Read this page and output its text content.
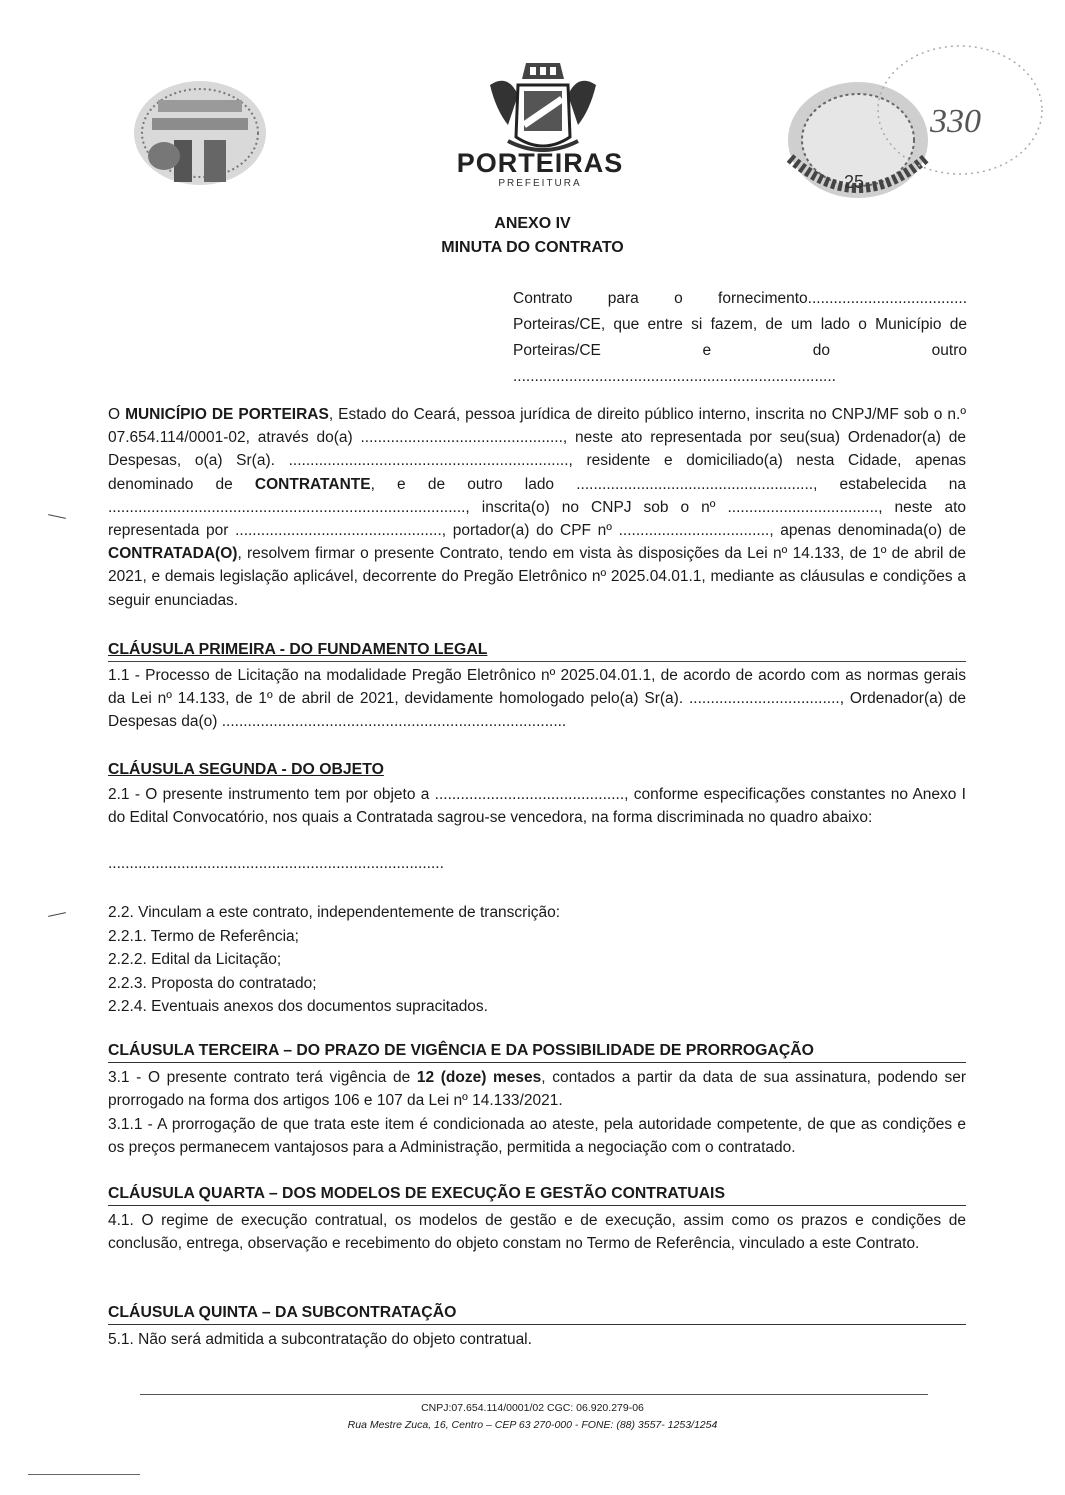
PORTEIRAS
PREFEITURA
330
25
ANEXO IV
MINUTA DO CONTRATO
Contrato para o fornecimento.....................................
Porteiras/CE, que entre si fazem, de um lado o Município de
Porteiras/CE e do outro
...........................................................................
O MUNICÍPIO DE PORTEIRAS, Estado do Ceará, pessoa jurídica de direito público interno, inscrita no CNPJ/MF sob o n.º 07.654.114/0001-02, através do(a) ..............................................., neste ato representada por seu(sua) Ordenador(a) de Despesas, o(a) Sr(a). ................................................................., residente e domiciliado(a) nesta Cidade, apenas denominado de CONTRATANTE, e de outro lado ......................................................., estabelecida na ..................................................................................., inscrita(o) no CNPJ sob o nº ..................................., neste ato representada por ................................................, portador(a) do CPF nº ..................................., apenas denominada(o) de CONTRATADA(O), resolvem firmar o presente Contrato, tendo em vista às disposições da Lei nº 14.133, de 1º de abril de 2021, e demais legislação aplicável, decorrente do Pregão Eletrônico nº 2025.04.01.1, mediante as cláusulas e condições a seguir enunciadas.
CLÁUSULA PRIMEIRA - DO FUNDAMENTO LEGAL
1.1 - Processo de Licitação na modalidade Pregão Eletrônico nº 2025.04.01.1, de acordo de acordo com as normas gerais da Lei nº 14.133, de 1º de abril de 2021, devidamente homologado pelo(a) Sr(a). ..................................., Ordenador(a) de Despesas da(o) ................................................................................
CLÁUSULA SEGUNDA - DO OBJETO
2.1 - O presente instrumento tem por objeto a ............................................, conforme especificações constantes no Anexo I do Edital Convocatório, nos quais a Contratada sagrou-se vencedora, na forma discriminada no quadro abaixo:
..............................................................................
2.2. Vinculam a este contrato, independentemente de transcrição:
2.2.1. Termo de Referência;
2.2.2. Edital da Licitação;
2.2.3. Proposta do contratado;
2.2.4. Eventuais anexos dos documentos supracitados.
CLÁUSULA TERCEIRA – DO PRAZO DE VIGÊNCIA E DA POSSIBILIDADE DE PRORROGAÇÃO
3.1 - O presente contrato terá vigência de 12 (doze) meses, contados a partir da data de sua assinatura, podendo ser prorrogado na forma dos artigos 106 e 107 da Lei nº 14.133/2021.
3.1.1 - A prorrogação de que trata este item é condicionada ao ateste, pela autoridade competente, de que as condições e os preços permanecem vantajosos para a Administração, permitida a negociação com o contratado.
CLÁUSULA QUARTA – DOS MODELOS DE EXECUÇÃO E GESTÃO CONTRATUAIS
4.1. O regime de execução contratual, os modelos de gestão e de execução, assim como os prazos e condições de conclusão, entrega, observação e recebimento do objeto constam no Termo de Referência, vinculado a este Contrato.
CLÁUSULA QUINTA – DA SUBCONTRATAÇÃO
5.1. Não será admitida a subcontratação do objeto contratual.
CNPJ:07.654.114/0001/02 CGC: 06.920.279-06
Rua Mestre Zuca, 16, Centro – CEP 63 270-000 - FONE: (88) 3557- 1253/1254
